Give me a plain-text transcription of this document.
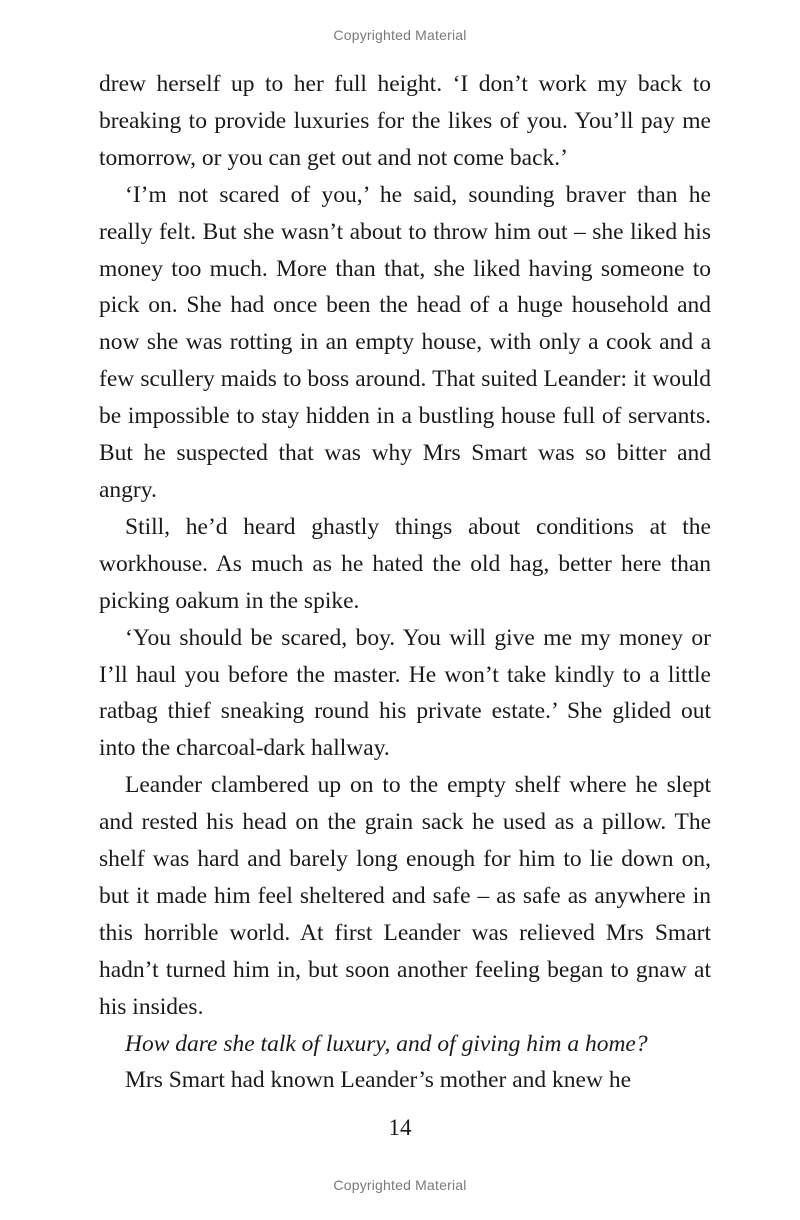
Copyrighted Material

drew herself up to her full height. ‘I don’t work my back to breaking to provide luxuries for the likes of you. You’ll pay me tomorrow, or you can get out and not come back.’

‘I’m not scared of you,’ he said, sounding braver than he really felt. But she wasn’t about to throw him out – she liked his money too much. More than that, she liked having someone to pick on. She had once been the head of a huge household and now she was rotting in an empty house, with only a cook and a few scullery maids to boss around. That suited Leander: it would be impossible to stay hidden in a bustling house full of servants. But he suspected that was why Mrs Smart was so bitter and angry.

Still, he’d heard ghastly things about conditions at the workhouse. As much as he hated the old hag, better here than picking oakum in the spike.

‘You should be scared, boy. You will give me my money or I’ll haul you before the master. He won’t take kindly to a little ratbag thief sneaking round his private estate.’ She glided out into the charcoal-dark hallway.

Leander clambered up on to the empty shelf where he slept and rested his head on the grain sack he used as a pillow. The shelf was hard and barely long enough for him to lie down on, but it made him feel sheltered and safe – as safe as anywhere in this horrible world. At first Leander was relieved Mrs Smart hadn’t turned him in, but soon another feeling began to gnaw at his insides.

How dare she talk of luxury, and of giving him a home?

Mrs Smart had known Leander’s mother and knew he

14
Copyrighted Material
